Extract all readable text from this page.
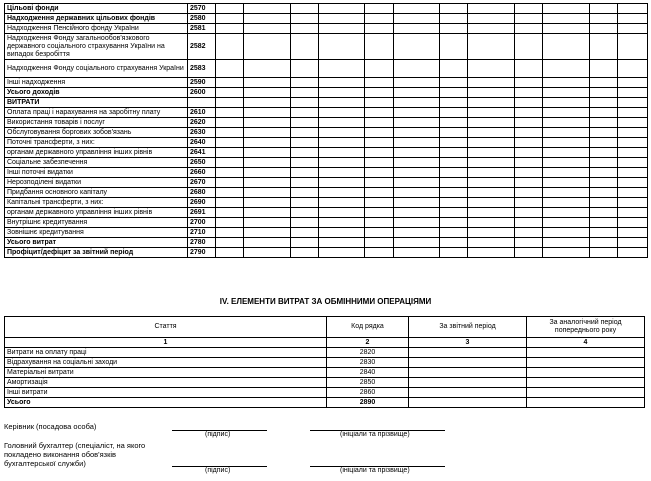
Цільові фонди	2570												
Надходження державних цільових фондів	2580												
Надходження Пенсійного фонду України	2581												
Надходження Фонду загальнообов'язкового державного соціального страхування України на випадок безробіття	2582												
Надходження Фонду соціального страхування України	2583												
Інші надходження	2590												
Усього доходів	2600												
ВИТРАТИ													
Оплата праці і нарахування на заробітну плату	2610												
Використання товарів і послуг	2620												
Обслуговування боргових зобов'язань	2630												
Поточні трансферти, з них:	2640												
органам державного управління інших рівнів	2641												
Соціальне забезпечення	2650												
Інші поточні видатки	2660												
Нерозподілені видатки	2670												
Придбання основного капіталу	2680												
Капітальні трансферти, з них:	2690												
органам державного управління інших рівнів	2691												
Внутрішнє кредитування	2700												
Зовнішнє кредитування	2710												
Усього витрат	2780												
Профіцит/дефіцит за звітний період	2790												
IV. ЕЛЕМЕНТИ ВИТРАТ ЗА ОБМІННИМИ ОПЕРАЦІЯМИ
Стаття	Код рядка	За звітний період	За аналогічний період попереднього року
1	2	3	4
Витрати на оплату праці	2820		
Відрахування на соціальні заходи	2830		
Матеріальні витрати	2840		
Амортизація	2850		
Інші витрати	2860		
Усього	2890		
Керівник (посадова особа)
(підпис)	(ініціали та прізвище)
Головний бухгалтер (спеціаліст, на якого покладено виконання обов'язків бухгалтерської служби)
(підпис)	(ініціали та прізвище)
